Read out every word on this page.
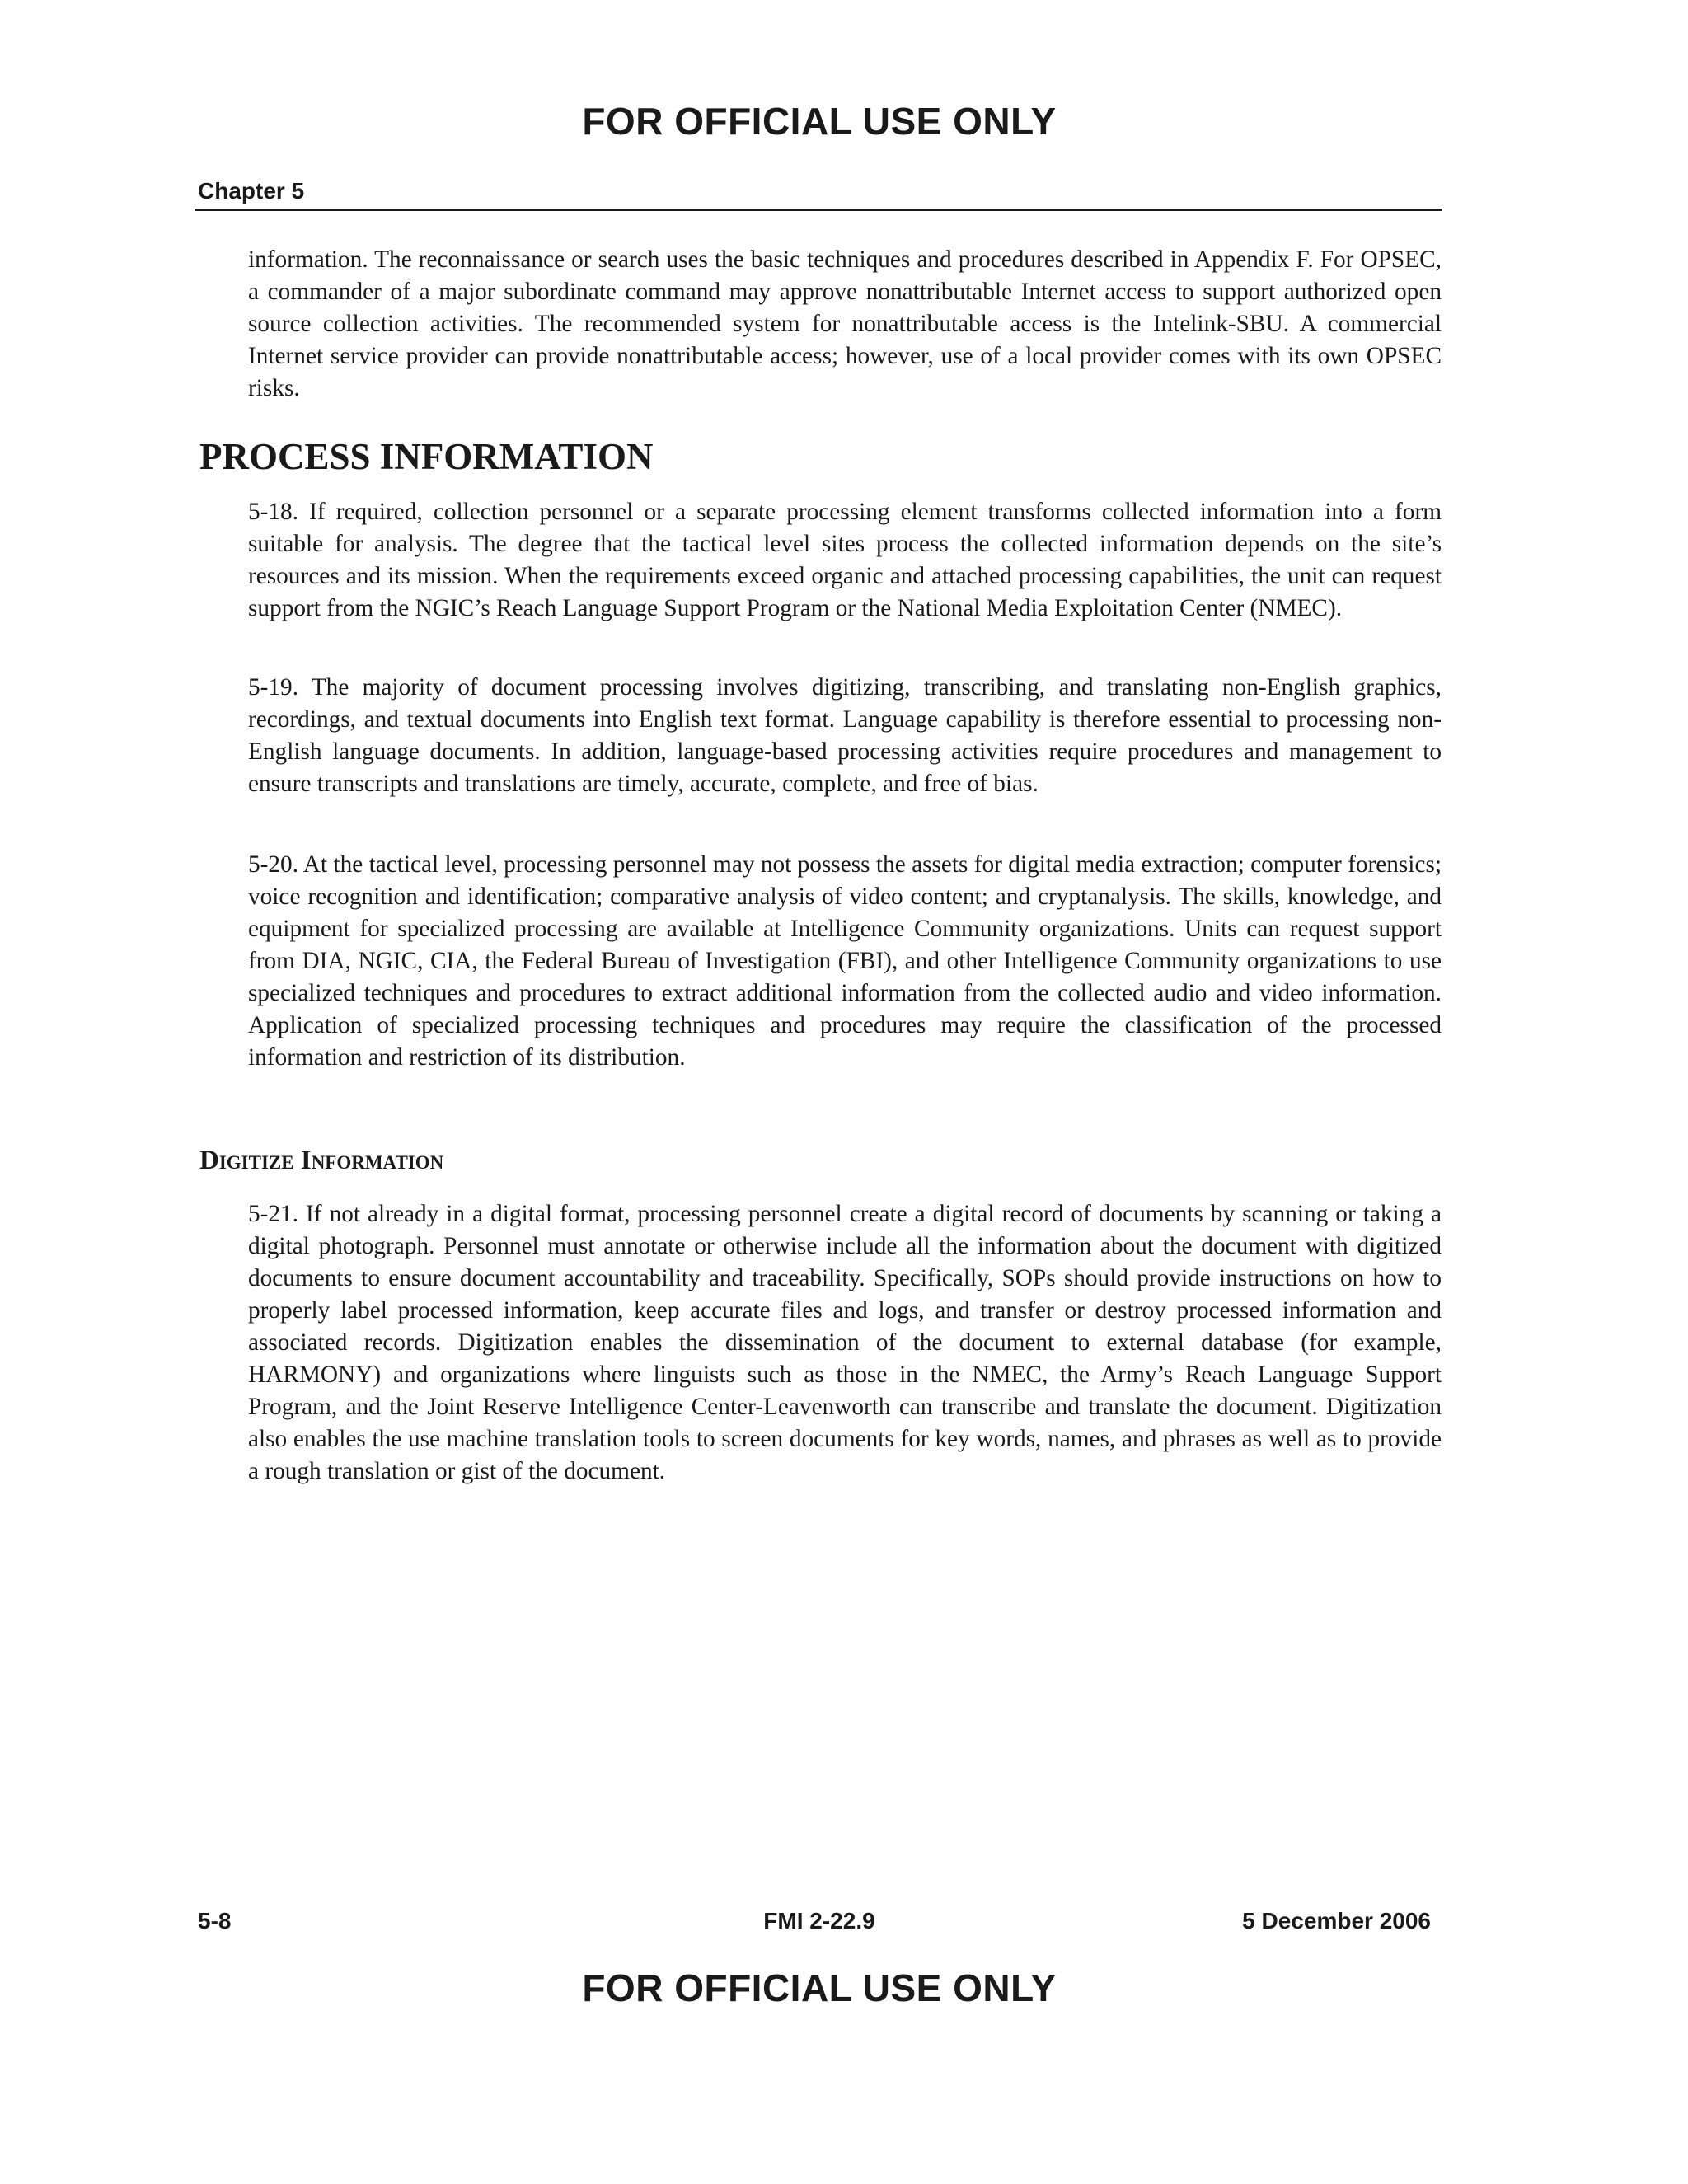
FOR OFFICIAL USE ONLY
Chapter 5

information. The reconnaissance or search uses the basic techniques and procedures described in Appendix F. For OPSEC, a commander of a major subordinate command may approve nonattributable Internet access to support authorized open source collection activities. The recommended system for nonattributable access is the Intelink-SBU. A commercial Internet service provider can provide nonattributable access; however, use of a local provider comes with its own OPSEC risks.

PROCESS INFORMATION

5-18. If required, collection personnel or a separate processing element transforms collected information into a form suitable for analysis. The degree that the tactical level sites process the collected information depends on the site’s resources and its mission. When the requirements exceed organic and attached processing capabilities, the unit can request support from the NGIC’s Reach Language Support Program or the National Media Exploitation Center (NMEC).

5-19. The majority of document processing involves digitizing, transcribing, and translating non-English graphics, recordings, and textual documents into English text format. Language capability is therefore essential to processing non-English language documents. In addition, language-based processing activities require procedures and management to ensure transcripts and translations are timely, accurate, complete, and free of bias.

5-20. At the tactical level, processing personnel may not possess the assets for digital media extraction; computer forensics; voice recognition and identification; comparative analysis of video content; and cryptanalysis. The skills, knowledge, and equipment for specialized processing are available at Intelligence Community organizations. Units can request support from DIA, NGIC, CIA, the Federal Bureau of Investigation (FBI), and other Intelligence Community organizations to use specialized techniques and procedures to extract additional information from the collected audio and video information. Application of specialized processing techniques and procedures may require the classification of the processed information and restriction of its distribution.

Digitize Information

5-21. If not already in a digital format, processing personnel create a digital record of documents by scanning or taking a digital photograph. Personnel must annotate or otherwise include all the information about the document with digitized documents to ensure document accountability and traceability. Specifically, SOPs should provide instructions on how to properly label processed information, keep accurate files and logs, and transfer or destroy processed information and associated records. Digitization enables the dissemination of the document to external database (for example, HARMONY) and organizations where linguists such as those in the NMEC, the Army’s Reach Language Support Program, and the Joint Reserve Intelligence Center-Leavenworth can transcribe and translate the document. Digitization also enables the use machine translation tools to screen documents for key words, names, and phrases as well as to provide a rough translation or gist of the document.

5-8	FMI 2-22.9	5 December 2006
FOR OFFICIAL USE ONLY
